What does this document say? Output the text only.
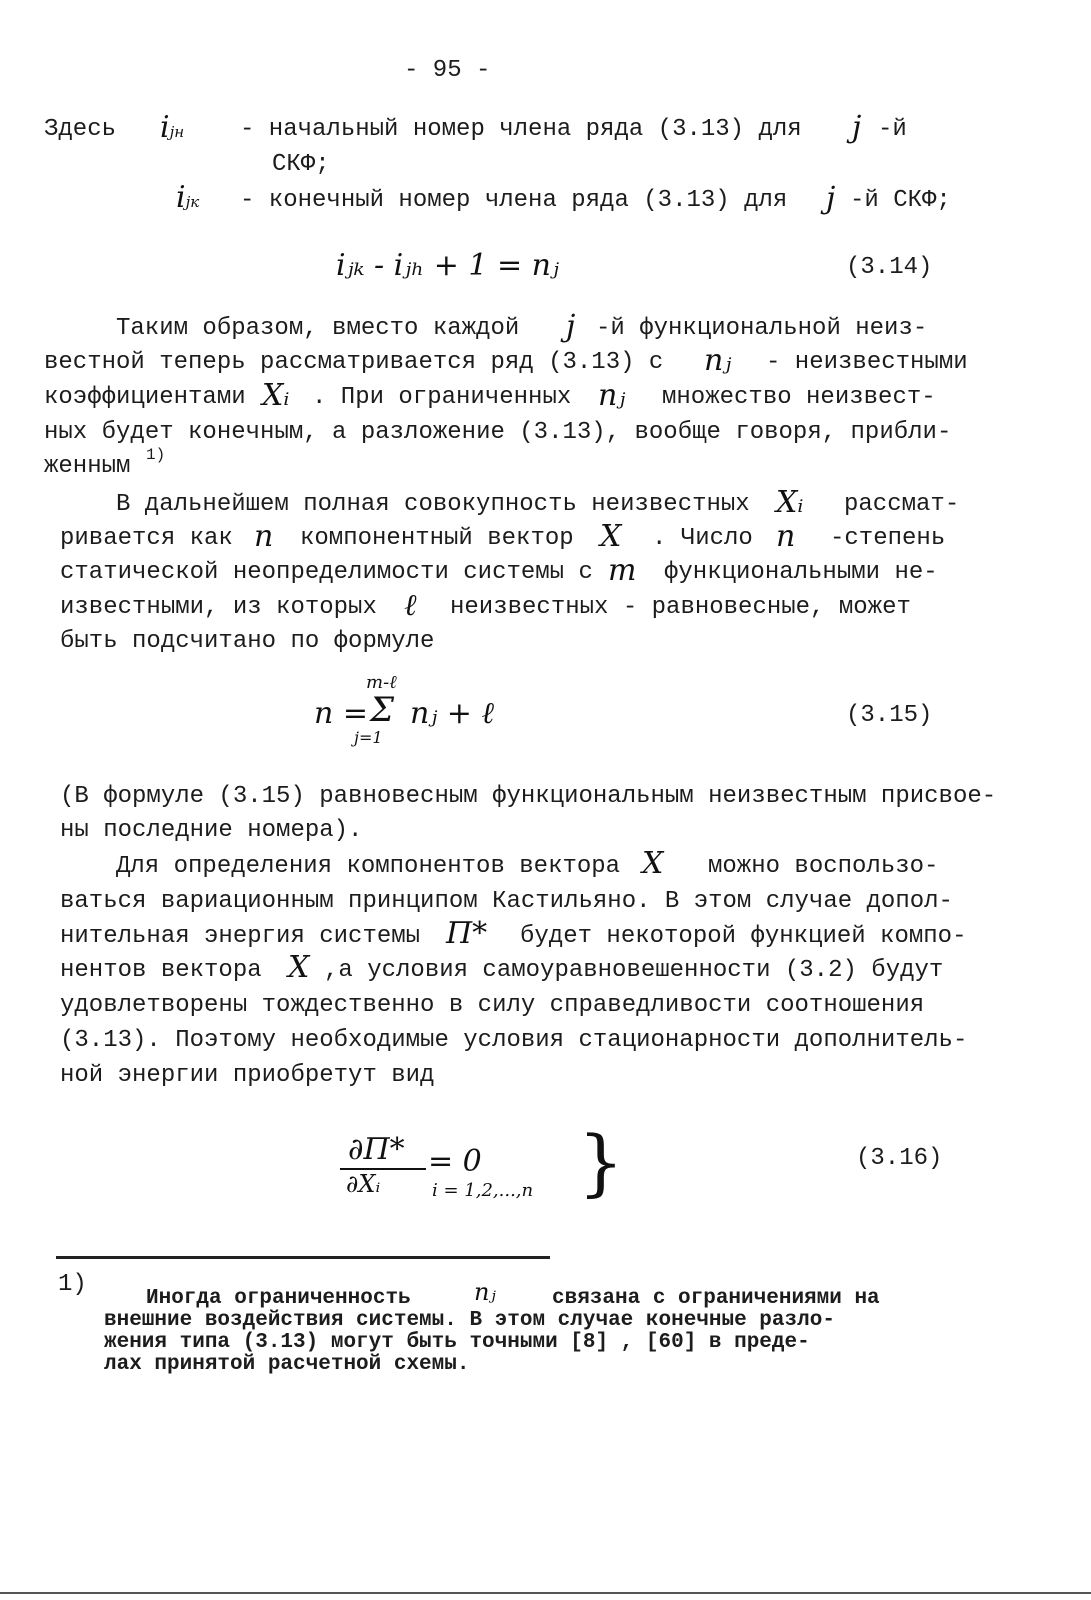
- 95 -
Здесь ijн - начальный номер члена ряда (3.13) для j -й
СКФ;
ijк - конечный номер члена ряда (3.13) для j -й СКФ;
iⱼₖ - iⱼₕ + 1 = nⱼ	(3.14)
Таким образом, вместо каждой j -й функциональной неиз-
вестной теперь рассматривается ряд (3.13) с nⱼ - неизвестными
коэффициентами Xᵢ . При ограниченных nⱼ множество неизвест-
ных будет конечным, а разложение (3.13), вообще говоря, прибли-
женным 1)
В дальнейшем полная совокупность неизвестных Xᵢ рассмат-
ривается как n компонентный вектор X . Число n -степень
статической неопределимости системы с m функциональными не-
известными, из которых ℓ неизвестных - равновесные, может
быть подсчитано по формуле
n =
m-ℓ
Σ
j=1
nⱼ + ℓ	(3.15)
(В формуле (3.15) равновесным функциональным неизвестным присвое-
ны последние номера).
Для определения компонентов вектора X можно воспользо-
ваться вариационным принципом Кастильяно. В этом случае допол-
нительная энергия системы Π* будет некоторой функцией компо-
нентов вектора X ,а условия самоуравновешенности (3.2) будут
удовлетворены тождественно в силу справедливости соотношения
(3.13). Поэтому необходимые условия стационарности дополнитель-
ной энергии приобретут вид
∂Π*
∂Xᵢ
= 0
i = 1,2,...,n }	(3.16)
1)
Иногда ограниченность	nⱼ	связана с ограничениями на
внешние воздействия системы. В этом случае конечные разло-
жения типа (3.13) могут быть точными [8] , [60] в преде-
лах принятой расчетной схемы.
